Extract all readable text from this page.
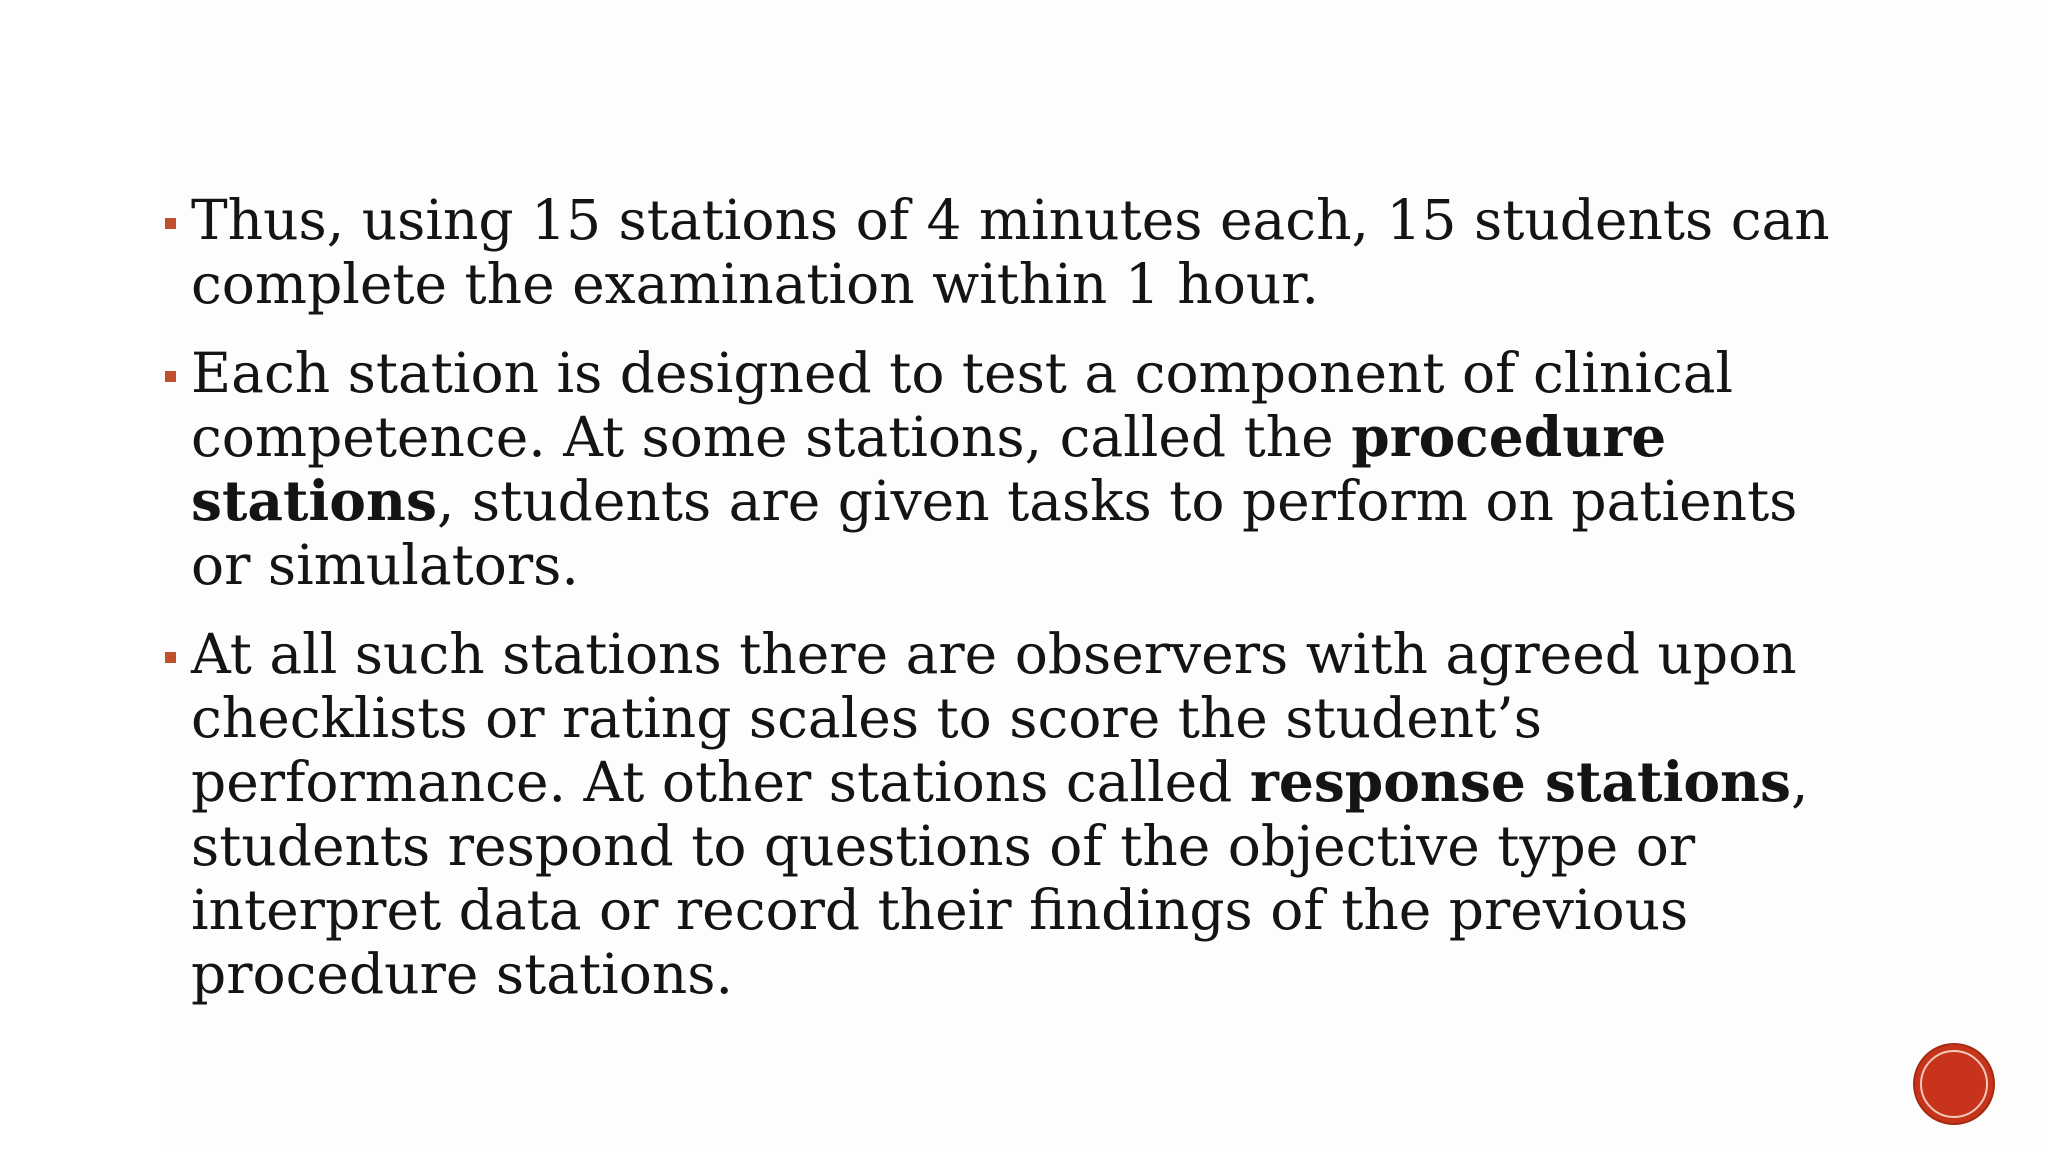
Thus, using 15 stations of 4 minutes each, 15 students can complete the examination within 1 hour.
Each station is designed to test a component of clinical competence. At some stations, called the procedure stations, students are given tasks to perform on patients or simulators.
At all such stations there are observers with agreed upon checklists or rating scales to score the student’s performance. At other stations called response stations, students respond to questions of the objective type or interpret data or record their findings of the previous procedure stations.
